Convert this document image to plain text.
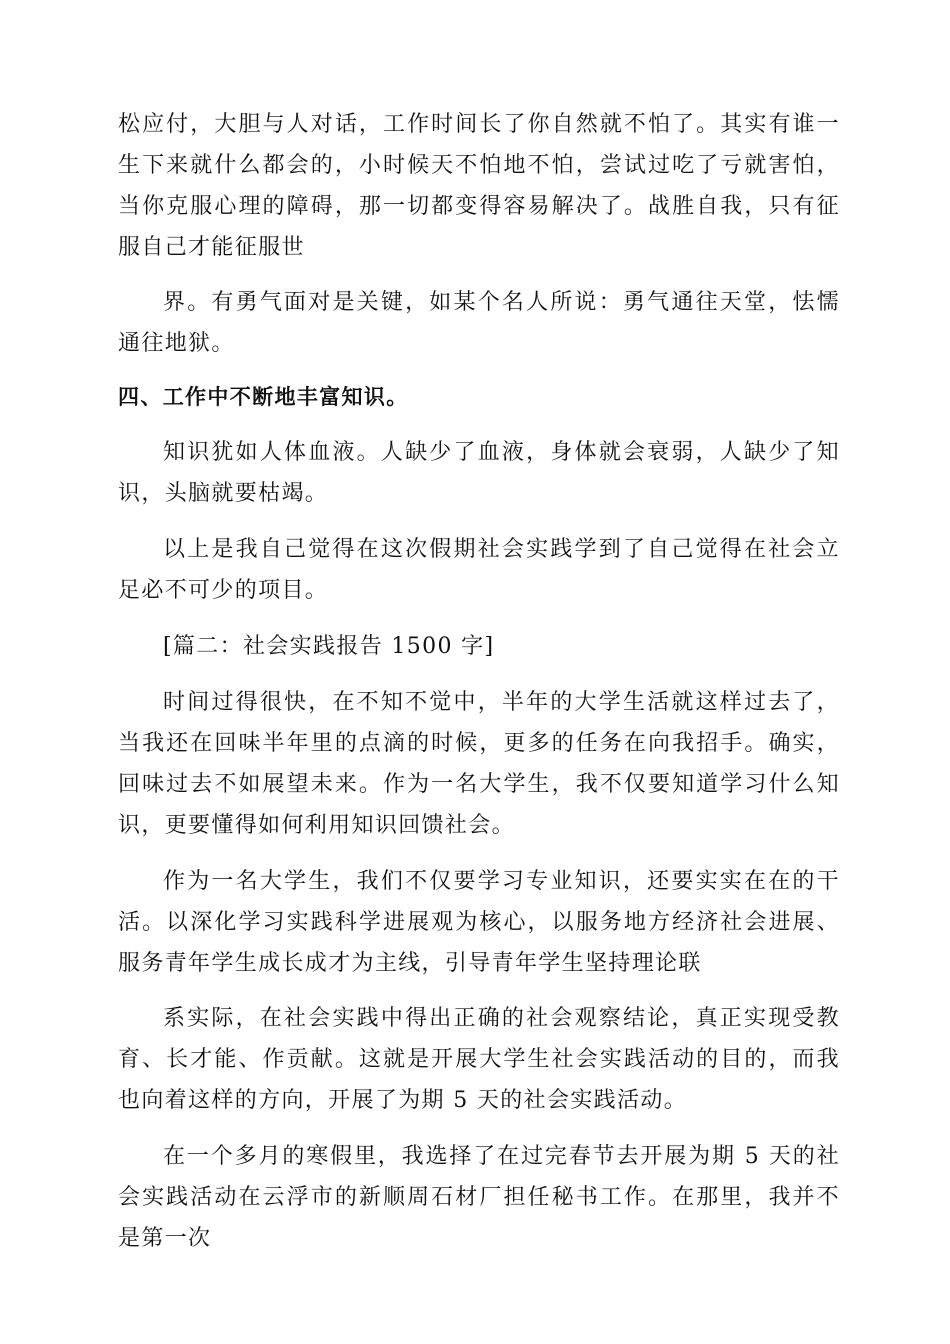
松应付，大胆与人对话，工作时间长了你自然就不怕了。其实有谁一生下来就什么都会的，小时候天不怕地不怕，尝试过吃了亏就害怕，当你克服心理的障碍，那一切都变得容易解决了。战胜自我，只有征服自己才能征服世

界。有勇气面对是关键，如某个名人所说：勇气通往天堂，怯懦通往地狱。

四、工作中不断地丰富知识。

知识犹如人体血液。人缺少了血液，身体就会衰弱，人缺少了知识，头脑就要枯竭。

以上是我自己觉得在这次假期社会实践学到了自己觉得在社会立足必不可少的项目。

[篇二：社会实践报告 1500 字]

时间过得很快，在不知不觉中，半年的大学生活就这样过去了，当我还在回味半年里的点滴的时候，更多的任务在向我招手。确实，回味过去不如展望未来。作为一名大学生，我不仅要知道学习什么知识，更要懂得如何利用知识回馈社会。

作为一名大学生，我们不仅要学习专业知识，还要实实在在的干活。以深化学习实践科学进展观为核心，以服务地方经济社会进展、服务青年学生成长成才为主线，引导青年学生坚持理论联

系实际，在社会实践中得出正确的社会观察结论，真正实现受教育、长才能、作贡献。这就是开展大学生社会实践活动的目的，而我也向着这样的方向，开展了为期 5 天的社会实践活动。

在一个多月的寒假里，我选择了在过完春节去开展为期 5 天的社会实践活动在云浮市的新顺周石材厂担任秘书工作。在那里，我并不是第一次
